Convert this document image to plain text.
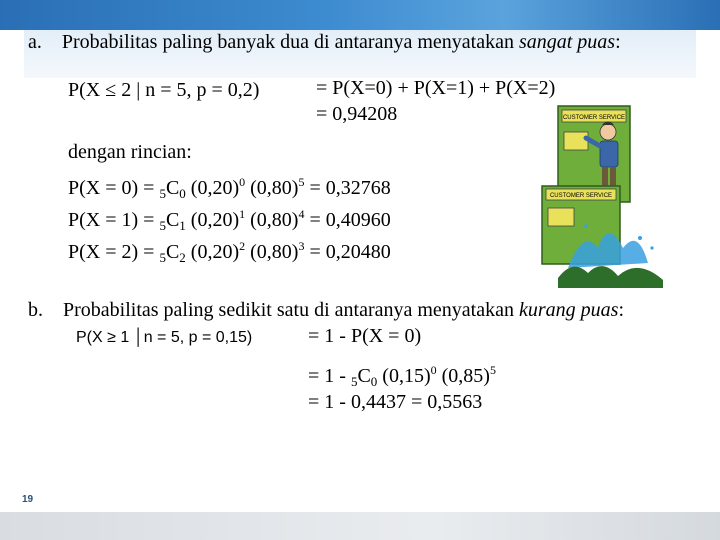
19
a. Probabilitas paling banyak dua di antaranya menyatakan sangat puas:
P(X ≤ 2 | n = 5, p = 0,2)	= P(X=0) + P(X=1) + P(X=2)
= 0,94208
dengan rincian:
$P(X = 0) = _5C_0$ $(0,20)^0$ $(0,80)^5 = 0,32768$
$P(X = 1) = _5C_1$ $(0,20)^1$ $(0,80)^4 = 0,40960$
$P(X = 2) = _5C_2$ $(0,20)^2$ $(0,80)^3 = 0,20480$
b. Probabilitas paling sedikit satu di antaranya menyatakan kurang puas:
P(X ≥ 1 │n = 5, p = 0,15)	= 1 - P(X = 0)
= $1 - _5C_0$ $(0,15)^0$ $(0,85)^5$
= 1 - 0,4437 = 0,5563
CUSTOMER SERVICE
CUSTOMER SERVICE
